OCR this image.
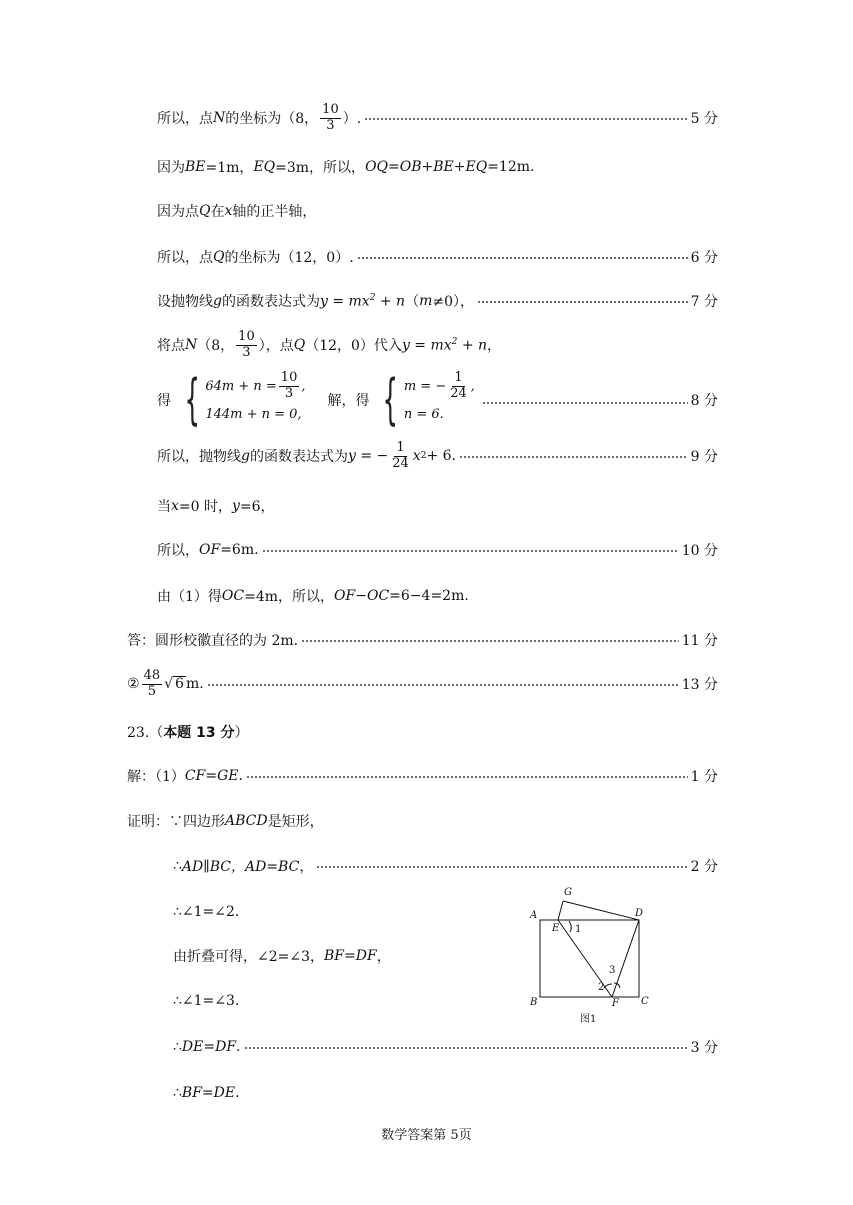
所以，点 N 的坐标为（8， $\frac{10}{3}$ ）.	5 分
因为 BE =1m， EQ =3m，所以， OQ=OB+BE+EQ =12m.
因为点 Q 在 x 轴的正半轴，
所以，点 Q 的坐标为（12，0）.	6 分
设抛物线 g 的函数表达式为 $y = mx^2 + n$ （ m ≠0），	7 分
将点 N （8， $\frac{10}{3}$ ），点 Q （12，0）代入 $y = mx^2 + n$ ，
得 { $64m + n = \frac{10}{3}$ ,
144m + n = 0,
解，得 { m = − $\frac{1}{24}$ ,
n = 6.
8 分
所以，抛物线 g 的函数表达式为 y = − $\frac{1}{24}$ x 2 + 6.	9 分
当 x =0 时， y =6，
所以， OF =6m.	10 分
由（1）得 OC =4m，所以， OF−OC =6−4=2m.
答：圆形校徽直径的为 2m.	11 分
② $\frac{48}{5}$ √ 6 m.	13 分
23.（ 本题 13 分 ）
解：（1） CF=GE .	1 分
证明：∵四边形 ABCD 是矩形，
∴ AD∥BC，AD=BC ，	2 分
∴∠1=∠2.
由折叠可得，∠2=∠3， BF=DF ，
∴∠1=∠3.
∴ DE=DF .	3 分
∴ BF=DE .
A
B	C
D
E
F
G
1
2
3
图1
数学答案第 5页
